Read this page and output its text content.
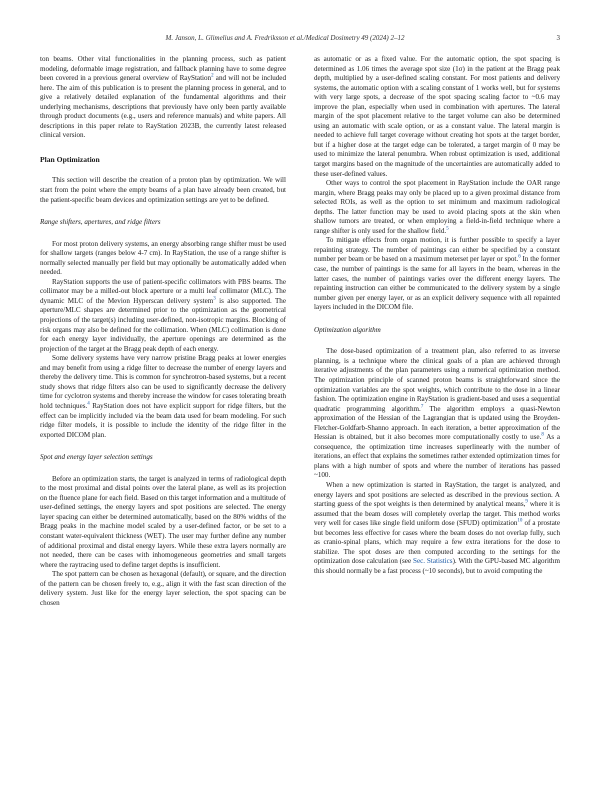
M. Janson, L. Glimelius and A. Fredriksson et al./Medical Dosimetry 49 (2024) 2–12	3

ton beams. Other vital functionalities in the planning process, such as patient modeling, deformable image registration, and fallback planning have to some degree been covered in a previous general overview of RayStation$^2$ and will not be included here. The aim of this publication is to present the planning process in general, and to give a relatively detailed explanation of the fundamental algorithms and their underlying mechanisms, descriptions that previously have only been partly available through product documents (e.g., users and reference manuals) and white papers. All descriptions in this paper relate to RayStation 2023B, the currently latest released clinical version.

Plan Optimization

This section will describe the creation of a proton plan by optimization. We will start from the point where the empty beams of a plan have already been created, but the patient-specific beam devices and optimization settings are yet to be defined.

Range shifters, apertures, and ridge filters

For most proton delivery systems, an energy absorbing range shifter must be used for shallow targets (ranges below 4-7 cm). In RayStation, the use of a range shifter is normally selected manually per field but may optionally be automatically added when needed.

RayStation supports the use of patient-specific collimators with PBS beams. The collimator may be a milled-out block aperture or a multi leaf collimator (MLC). The dynamic MLC of the Mevion Hyperscan delivery system$^3$ is also supported. The aperture/MLC shapes are determined prior to the optimization as the geometrical projections of the target(s) including user-defined, non-isotropic margins. Blocking of risk organs may also be defined for the collimation. When (MLC) collimation is done for each energy layer individually, the aperture openings are determined as the projection of the target at the Bragg peak depth of each energy.

Some delivery systems have very narrow pristine Bragg peaks at lower energies and may benefit from using a ridge filter to decrease the number of energy layers and thereby the delivery time. This is common for synchrotron-based systems, but a recent study shows that ridge filters also can be used to significantly decrease the delivery time for cyclotron systems and thereby increase the window for cases tolerating breath hold techniques.$^4$ RayStation does not have explicit support for ridge filters, but the effect can be implicitly included via the beam data used for beam modeling. For such ridge filter models, it is possible to include the identity of the ridge filter in the exported DICOM plan.

Spot and energy layer selection settings

Before an optimization starts, the target is analyzed in terms of radiological depth to the most proximal and distal points over the lateral plane, as well as its projection on the fluence plane for each field. Based on this target information and a multitude of user-defined settings, the energy layers and spot positions are selected. The energy layer spacing can either be determined automatically, based on the 80% widths of the Bragg peaks in the machine model scaled by a user-defined factor, or be set to a constant water-equivalent thickness (WET). The user may further define any number of additional proximal and distal energy layers. While these extra layers normally are not needed, there can be cases with inhomogeneous geometries and small targets where the raytracing used to define target depths is insufficient.

The spot pattern can be chosen as hexagonal (default), or square, and the direction of the pattern can be chosen freely to, e.g., align it with the fast scan direction of the delivery system. Just like for the energy layer selection, the spot spacing can be chosen

as automatic or as a fixed value. For the automatic option, the spot spacing is determined as 1.06 times the average spot size (1σ) in the patient at the Bragg peak depth, multiplied by a user-defined scaling constant. For most patients and delivery systems, the automatic option with a scaling constant of 1 works well, but for systems with very large spots, a decrease of the spot spacing scaling factor to ~0.6 may improve the plan, especially when used in combination with apertures. The lateral margin of the spot placement relative to the target volume can also be determined using an automatic with scale option, or as a constant value. The lateral margin is needed to achieve full target coverage without creating hot spots at the target border, but if a higher dose at the target edge can be tolerated, a target margin of 0 may be used to minimize the lateral penumbra. When robust optimization is used, additional target margins based on the magnitude of the uncertainties are automatically added to these user-defined values.

Other ways to control the spot placement in RayStation include the OAR range margin, where Bragg peaks may only be placed up to a given proximal distance from selected ROIs, as well as the option to set minimum and maximum radiological depths. The latter function may be used to avoid placing spots at the skin when shallow tumors are treated, or when employing a field-in-field technique where a range shifter is only used for the shallow field.$^5$

To mitigate effects from organ motion, it is further possible to specify a layer repainting strategy. The number of paintings can either be specified by a constant number per beam or be based on a maximum meterset per layer or spot.$^6$ In the former case, the number of paintings is the same for all layers in the beam, whereas in the latter cases, the number of paintings varies over the different energy layers. The repainting instruction can either be communicated to the delivery system by a single number given per energy layer, or as an explicit delivery sequence with all repainted layers included in the DICOM file.

Optimization algorithm

The dose-based optimization of a treatment plan, also referred to as inverse planning, is a technique where the clinical goals of a plan are achieved through iterative adjustments of the plan parameters using a numerical optimization method. The optimization principle of scanned proton beams is straightforward since the optimization variables are the spot weights, which contribute to the dose in a linear fashion. The optimization engine in RayStation is gradient-based and uses a sequential quadratic programming algorithm.$^7$ The algorithm employs a quasi-Newton approximation of the Hessian of the Lagrangian that is updated using the Broyden-Fletcher-Goldfarb-Shanno approach. In each iteration, a better approximation of the Hessian is obtained, but it also becomes more computationally costly to use.$^8$ As a consequence, the optimization time increases superlinearly with the number of iterations, an effect that explains the sometimes rather extended optimization times for plans with a high number of spots and where the number of iterations has passed ~100.

When a new optimization is started in RayStation, the target is analyzed, and energy layers and spot positions are selected as described in the previous section. A starting guess of the spot weights is then determined by analytical means,$^9$ where it is assumed that the beam doses will completely overlap the target. This method works very well for cases like single field uniform dose (SFUD) optimization$^{10}$ of a prostate but becomes less effective for cases where the beam doses do not overlap fully, such as cranio-spinal plans, which may require a few extra iterations for the dose to stabilize. The spot doses are then computed according to the settings for the optimization dose calculation (see Sec. Statistics). With the GPU-based MC algorithm this should normally be a fast process (~10 seconds), but to avoid computing the
